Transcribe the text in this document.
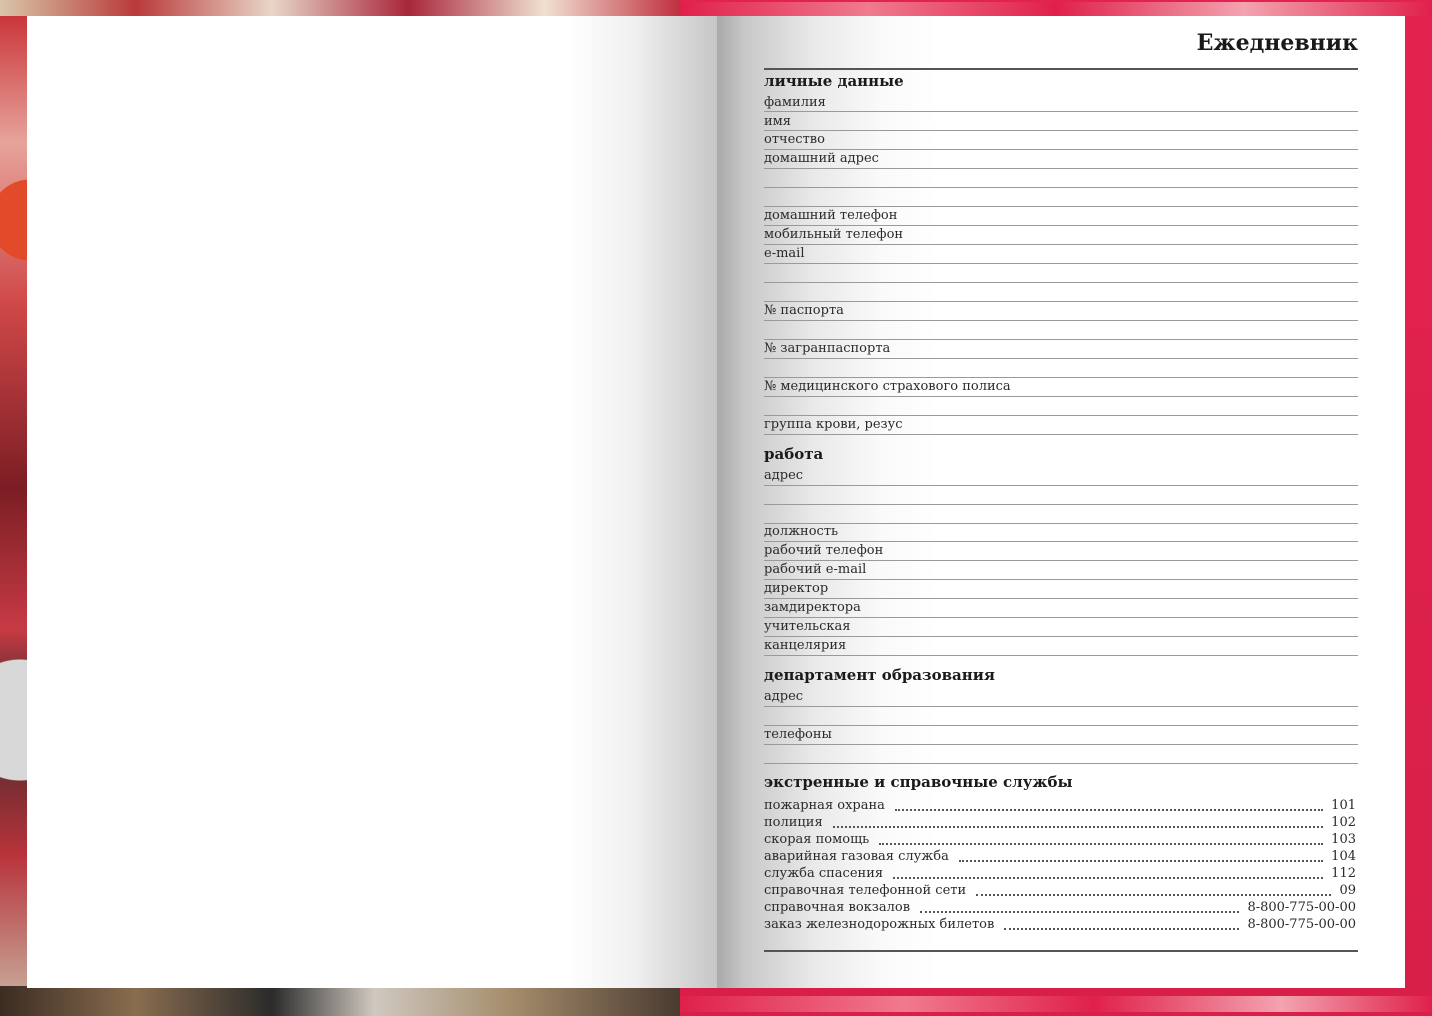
Ежедневник
личные данные
фамилия
имя
отчество
домашний адрес
домашний телефон
мобильный телефон
e-mail
№ паспорта
№ загранпаспорта
№ медицинского страхового полиса
группа крови, резус
работа
адрес
должность
рабочий телефон
рабочий e-mail
директор
замдиректора
учительская
канцелярия
департамент образования
адрес
телефоны
экстренные и справочные службы
пожарная охрана	101
полиция	102
скорая помощь	103
аварийная газовая служба	104
служба спасения	112
справочная телефонной сети	09
справочная вокзалов	8-800-775-00-00
заказ железнодорожных билетов	8-800-775-00-00
